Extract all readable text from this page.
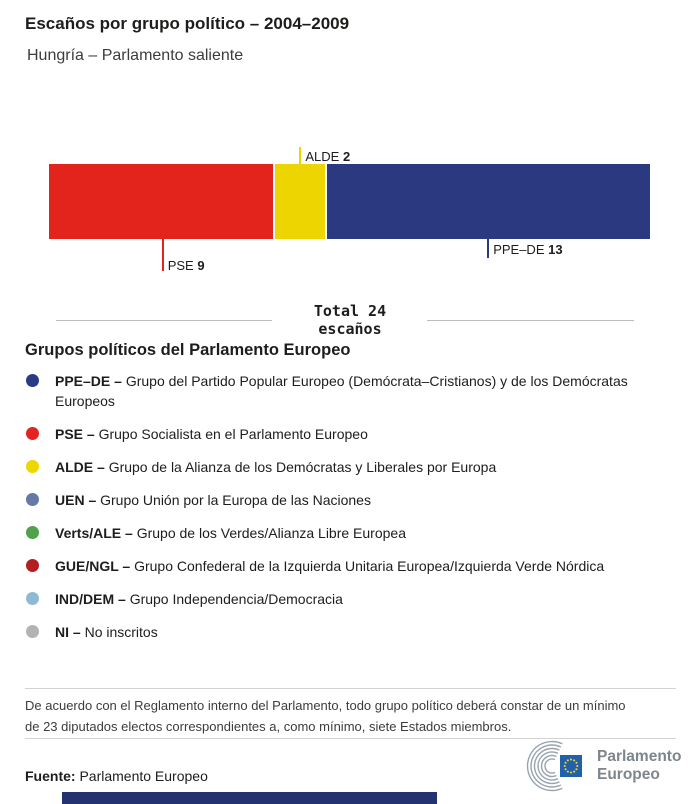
Escaños por grupo político – 2004–2009
Hungría – Parlamento saliente
PSE 9
ALDE 2
PPE–DE 13
Total 24
escaños
Grupos políticos del Parlamento Europeo
PPE–DE – Grupo del Partido Popular Europeo (Demócrata–Cristianos) y de los Demócratas Europeos
PSE – Grupo Socialista en el Parlamento Europeo
ALDE – Grupo de la Alianza de los Demócratas y Liberales por Europa
UEN – Grupo Unión por la Europa de las Naciones
Verts/ALE – Grupo de los Verdes/Alianza Libre Europea
GUE/NGL – Grupo Confederal de la Izquierda Unitaria Europea/Izquierda Verde Nórdica
IND/DEM – Grupo Independencia/Democracia
NI – No inscritos

De acuerdo con el Reglamento interno del Parlamento, todo grupo político deberá constar de un mínimo de 23 diputados electos correspondientes a, como mínimo, siete Estados miembros.

Fuente: Parlamento Europeo

Parlamento
Europeo
